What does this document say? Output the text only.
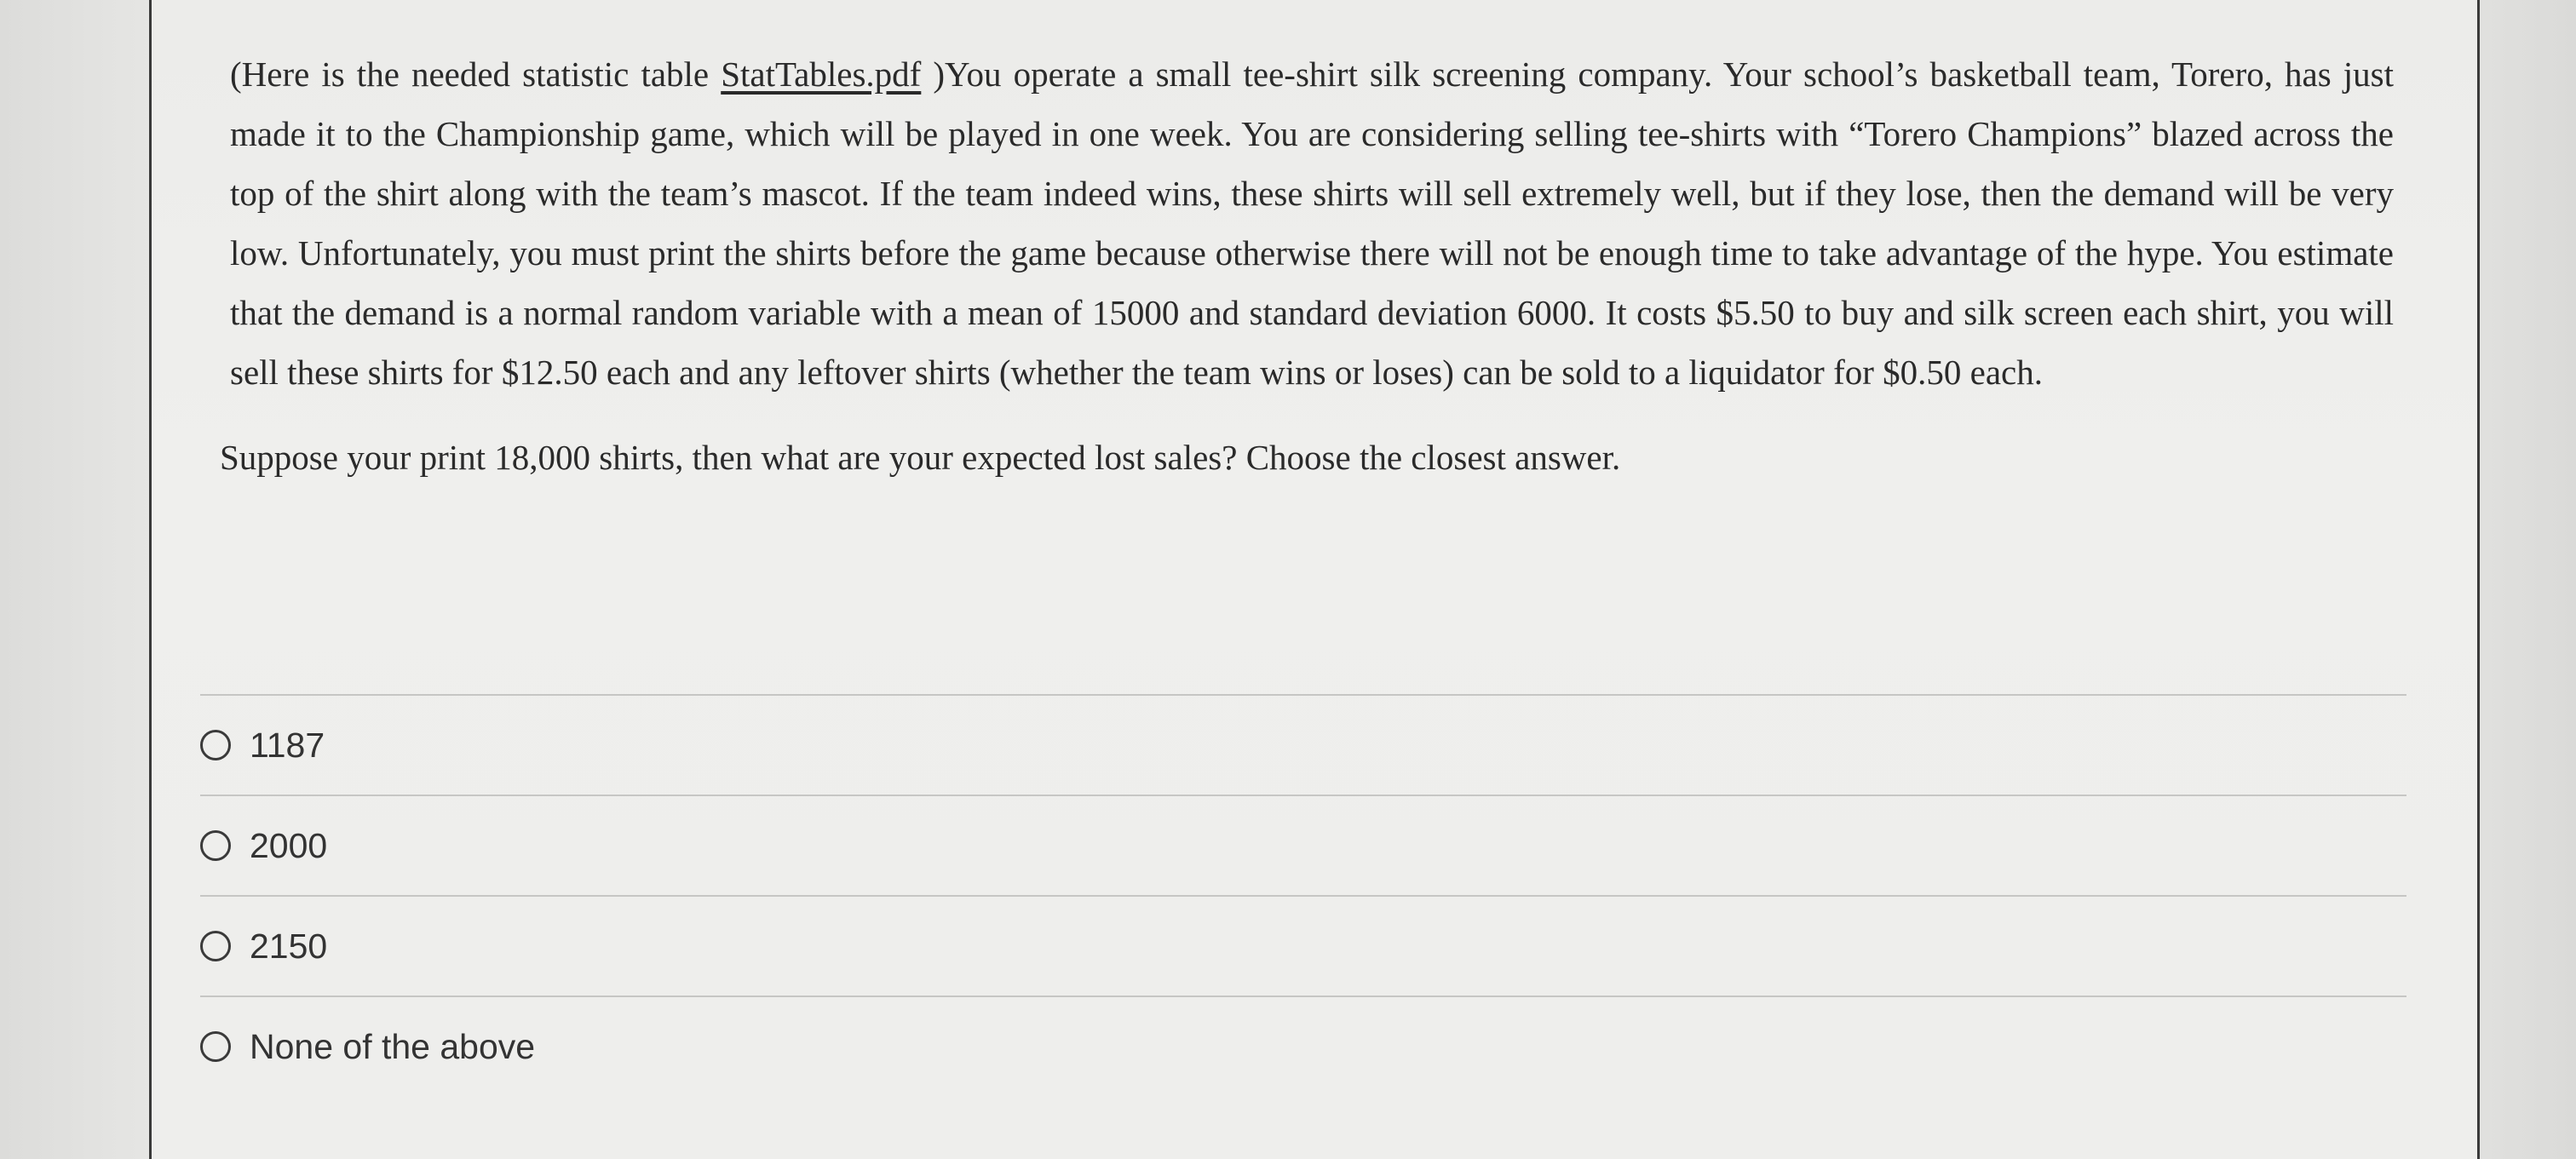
(Here is the needed statistic table StatTables.pdf )You operate a small tee-shirt silk screening company. Your school’s basketball team, Torero, has just made it to the Championship game, which will be played in one week. You are considering selling tee-shirts with “Torero Champions” blazed across the top of the shirt along with the team’s mascot. If the team indeed wins, these shirts will sell extremely well, but if they lose, then the demand will be very low. Unfortunately, you must print the shirts before the game because otherwise there will not be enough time to take advantage of the hype. You estimate that the demand is a normal random variable with a mean of 15000 and standard deviation 6000. It costs $5.50 to buy and silk screen each shirt, you will sell these shirts for $12.50 each and any leftover shirts (whether the team wins or loses) can be sold to a liquidator for $0.50 each.

Suppose your print 18,000 shirts, then what are your expected lost sales? Choose the closest answer.

1187
2000
2150
None of the above
